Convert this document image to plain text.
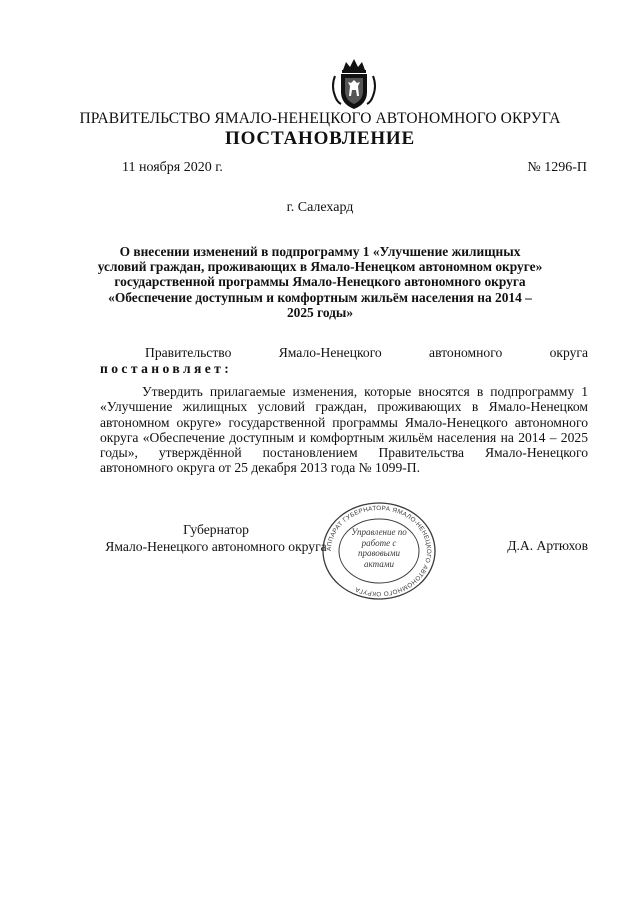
ПРАВИТЕЛЬСТВО ЯМАЛО-НЕНЕЦКОГО АВТОНОМНОГО ОКРУГА
ПОСТАНОВЛЕНИЕ
11 ноября 2020 г.	№ 1296-П
г. Салехард
О внесении изменений в подпрограмму 1 «Улучшение жилищных условий граждан, проживающих в Ямало-Ненецком автономном округе» государственной программы Ямало-Ненецкого автономного округа «Обеспечение доступным и комфортным жильём населения на 2014 – 2025 годы»
Правительство	Ямало-Ненецкого	автономного	округа
постановляет:

Утвердить прилагаемые изменения, которые вносятся в подпрограмму 1 «Улучшение жилищных условий граждан, проживающих в Ямало-Ненецком автономном округе» государственной программы Ямало-Ненецкого автономного округа «Обеспечение доступным и комфортным жильём населения на 2014 – 2025 годы», утверждённой постановлением Правительства Ямало-Ненецкого автономного округа от 25 декабря 2013 года № 1099-П.

Губернатор
Ямало-Ненецкого автономного округа	Д.А. Артюхов
АППАРАТ ГУБЕРНАТОРА ЯМАЛО-НЕНЕЦКОГО АВТОНОМНОГО ОКРУГА
Управление по работе с правовыми актами
